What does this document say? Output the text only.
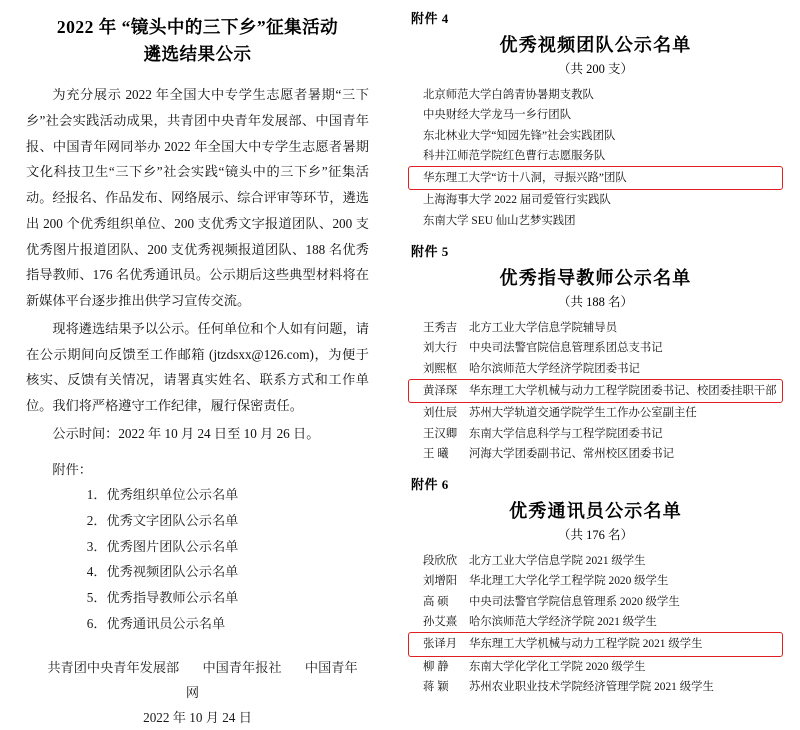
2022 年 “镜头中的三下乡”征集活动
遴选结果公示

为充分展示 2022 年全国大中专学生志愿者暑期“三下乡”社会实践活动成果，共青团中央青年发展部、中国青年报、中国青年网同举办 2022 年全国大中专学生志愿者暑期文化科技卫生“三下乡”社会实践“镜头中的三下乡”征集活动。经报名、作品发布、网络展示、综合评审等环节，遴选出 200 个优秀组织单位、200 支优秀文字报道团队、200 支优秀图片报道团队、200 支优秀视频报道团队、188 名优秀指导教师、176 名优秀通讯员。公示期后这些典型材料将在新媒体平台逐步推出供学习宣传交流。

现将遴选结果予以公示。任何单位和个人如有问题，请在公示期间向反馈至工作邮箱 (jtzdsxx@126.com)，为便于核实、反馈有关情况，请署真实姓名、联系方式和工作单位。我们将严格遵守工作纪律，履行保密责任。

公示时间：2022 年 10 月 24 日至 10 月 26 日。

附件：
1．优秀组织单位公示名单
2．优秀文字团队公示名单
3．优秀图片团队公示名单
4．优秀视频团队公示名单
5．优秀指导教师公示名单
6．优秀通讯员公示名单
共青团中央青年发展部 中国青年报社 中国青年网
2022 年 10 月 24 日
附件 4
优秀视频团队公示名单
（共 200 支）
北京师范大学白鸽青协暑期支教队
中央财经大学龙马一乡行团队
东北林业大学“知园先锋”社会实践团队
科井江师范学院红色曹行志愿服务队
华东理工大学“访十八洞，寻振兴路”团队
上海海事大学 2022 届司爱管行实践队
东南大学 SEU 仙山艺梦实践团
附件 5
优秀指导教师公示名单
（共 188 名）
王秀吉 北方工业大学信息学院辅导员
刘大行 中央司法警官院信息管理系团总支书记
刘熙枢 哈尔滨师范大学经济学院团委书记
黄泽琛 华东理工大学机械与动力工程学院团委书记、校团委挂职干部
刘仕辰 苏州大学轨道交通学院学生工作办公室副主任
王汉卿 东南大学信息科学与工程学院团委书记
王 曦 河海大学团委副书记、常州校区团委书记
附件 6
优秀通讯员公示名单
（共 176 名）
段欣欣 北方工业大学信息学院 2021 级学生
刘增阳 华北理工大学化学工程学院 2020 级学生
高 硕 中央司法警官学院信息管理系 2020 级学生
孙艾熹 哈尔滨师范大学经济学院 2021 级学生
张译月 华东理工大学机械与动力工程学院 2021 级学生
柳 静 东南大学化学化工学院 2020 级学生
蒋 颖 苏州农业职业技术学院经济管理学院 2021 级学生
